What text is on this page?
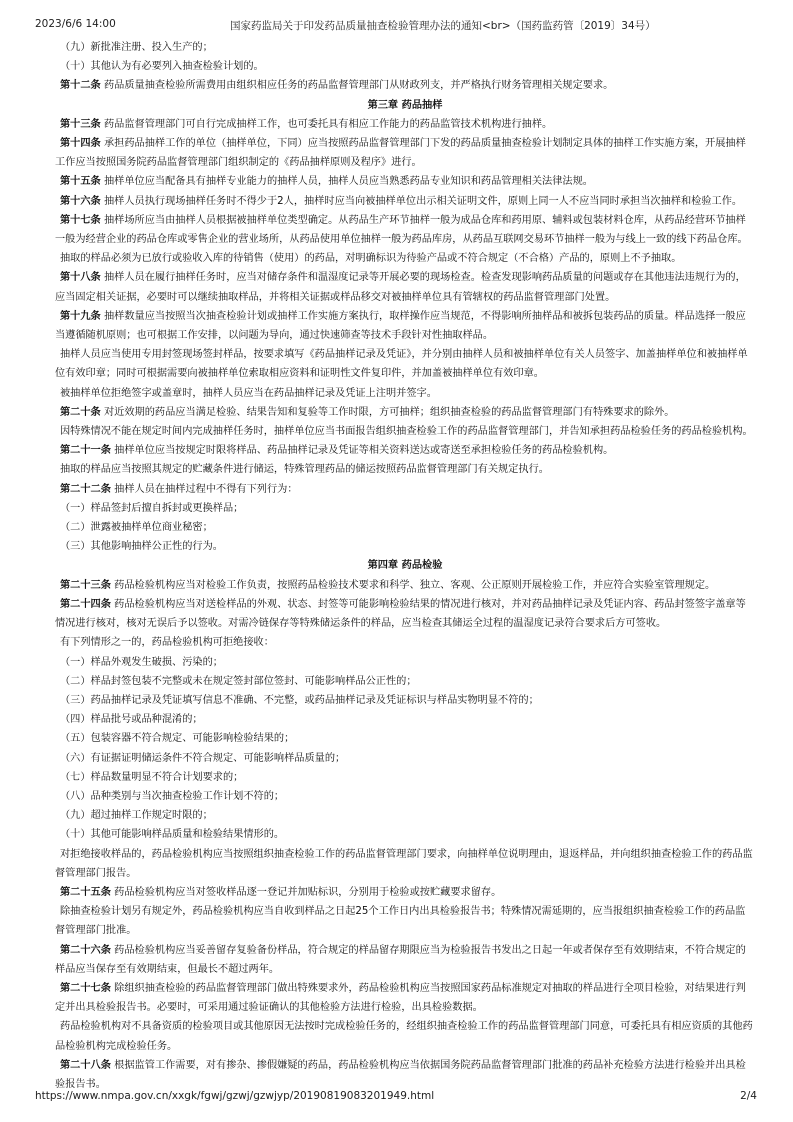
2023/6/6 14:00	国家药监局关于印发药品质量抽查检验管理办法的通知<br>（国药监药管〔2019〕34号）

（九）新批准注册、投入生产的；

（十）其他认为有必要列入抽查检验计划的。

第十二条 药品质量抽查检验所需费用由组织相应任务的药品监督管理部门从财政列支，并严格执行财务管理相关规定要求。

第三章 药品抽样

第十三条 药品监督管理部门可自行完成抽样工作，也可委托具有相应工作能力的药品监管技术机构进行抽样。

第十四条 承担药品抽样工作的单位（抽样单位，下同）应当按照药品监督管理部门下发的药品质量抽查检验计划制定具体的抽样工作实施方案，开展抽样工作应当按照国务院药品监督管理部门组织制定的《药品抽样原则及程序》进行。

第十五条 抽样单位应当配备具有抽样专业能力的抽样人员，抽样人员应当熟悉药品专业知识和药品管理相关法律法规。

第十六条 抽样人员执行现场抽样任务时不得少于2人，抽样时应当向被抽样单位出示相关证明文件，原则上同一人不应当同时承担当次抽样和检验工作。

第十七条 抽样场所应当由抽样人员根据被抽样单位类型确定。从药品生产环节抽样一般为成品仓库和药用原、辅料或包装材料仓库，从药品经营环节抽样一般为经营企业的药品仓库或零售企业的营业场所，从药品使用单位抽样一般为药品库房，从药品互联网交易环节抽样一般为与线上一致的线下药品仓库。

抽取的样品必须为已放行或验收入库的待销售（使用）的药品，对明确标识为待验产品或不符合规定（不合格）产品的，原则上不予抽取。

第十八条 抽样人员在履行抽样任务时，应当对储存条件和温湿度记录等开展必要的现场检查。检查发现影响药品质量的问题或存在其他违法违规行为的，应当固定相关证据，必要时可以继续抽取样品，并将相关证据或样品移交对被抽样单位具有管辖权的药品监督管理部门处置。

第十九条 抽样数量应当按照当次抽查检验计划或抽样工作实施方案执行，取样操作应当规范，不得影响所抽样品和被拆包装药品的质量。样品选择一般应当遵循随机原则；也可根据工作安排，以问题为导向，通过快速筛查等技术手段针对性抽取样品。

抽样人员应当使用专用封签现场签封样品，按要求填写《药品抽样记录及凭证》，并分别由抽样人员和被抽样单位有关人员签字、加盖抽样单位和被抽样单位有效印章；同时可根据需要向被抽样单位索取相应资料和证明性文件复印件，并加盖被抽样单位有效印章。

被抽样单位拒绝签字或盖章时，抽样人员应当在药品抽样记录及凭证上注明并签字。

第二十条 对近效期的药品应当满足检验、结果告知和复验等工作时限，方可抽样；组织抽查检验的药品监督管理部门有特殊要求的除外。

因特殊情况不能在规定时间内完成抽样任务时，抽样单位应当书面报告组织抽查检验工作的药品监督管理部门，并告知承担药品检验任务的药品检验机构。

第二十一条 抽样单位应当按规定时限将样品、药品抽样记录及凭证等相关资料送达或寄送至承担检验任务的药品检验机构。

抽取的样品应当按照其规定的贮藏条件进行储运，特殊管理药品的储运按照药品监督管理部门有关规定执行。

第二十二条 抽样人员在抽样过程中不得有下列行为：

（一）样品签封后擅自拆封或更换样品；

（二）泄露被抽样单位商业秘密；

（三）其他影响抽样公正性的行为。

第四章 药品检验

第二十三条 药品检验机构应当对检验工作负责，按照药品检验技术要求和科学、独立、客观、公正原则开展检验工作，并应符合实验室管理规定。

第二十四条 药品检验机构应当对送检样品的外观、状态、封签等可能影响检验结果的情况进行核对，并对药品抽样记录及凭证内容、药品封签签字盖章等情况进行核对，核对无误后予以签收。对需冷链保存等特殊储运条件的样品，应当检查其储运全过程的温湿度记录符合要求后方可签收。

有下列情形之一的，药品检验机构可拒绝接收：

（一）样品外观发生破损、污染的；

（二）样品封签包装不完整或未在规定签封部位签封、可能影响样品公正性的；

（三）药品抽样记录及凭证填写信息不准确、不完整，或药品抽样记录及凭证标识与样品实物明显不符的；

（四）样品批号或品种混淆的；

（五）包装容器不符合规定、可能影响检验结果的；

（六）有证据证明储运条件不符合规定、可能影响样品质量的；

（七）样品数量明显不符合计划要求的；

（八）品种类别与当次抽查检验工作计划不符的；

（九）超过抽样工作规定时限的；

（十）其他可能影响样品质量和检验结果情形的。

对拒绝接收样品的，药品检验机构应当按照组织抽查检验工作的药品监督管理部门要求，向抽样单位说明理由，退返样品，并向组织抽查检验工作的药品监督管理部门报告。

第二十五条 药品检验机构应当对签收样品逐一登记并加贴标识，分别用于检验或按贮藏要求留存。

除抽查检验计划另有规定外，药品检验机构应当自收到样品之日起25个工作日内出具检验报告书；特殊情况需延期的，应当报组织抽查检验工作的药品监督管理部门批准。

第二十六条 药品检验机构应当妥善留存复验备份样品，符合规定的样品留存期限应当为检验报告书发出之日起一年或者保存至有效期结束，不符合规定的样品应当保存至有效期结束，但最长不超过两年。

第二十七条 除组织抽查检验的药品监督管理部门做出特殊要求外，药品检验机构应当按照国家药品标准规定对抽取的样品进行全项目检验，对结果进行判定并出具检验报告书。必要时，可采用通过验证确认的其他检验方法进行检验，出具检验数据。

药品检验机构对不具备资质的检验项目或其他原因无法按时完成检验任务的，经组织抽查检验工作的药品监督管理部门同意，可委托具有相应资质的其他药品检验机构完成检验任务。

第二十八条 根据监管工作需要，对有掺杂、掺假嫌疑的药品，药品检验机构应当依据国务院药品监督管理部门批准的药品补充检验方法进行检验并出具检验报告书。

https://www.nmpa.gov.cn/xxgk/fgwj/gzwj/gzwjyp/20190819083201949.html	2/4
